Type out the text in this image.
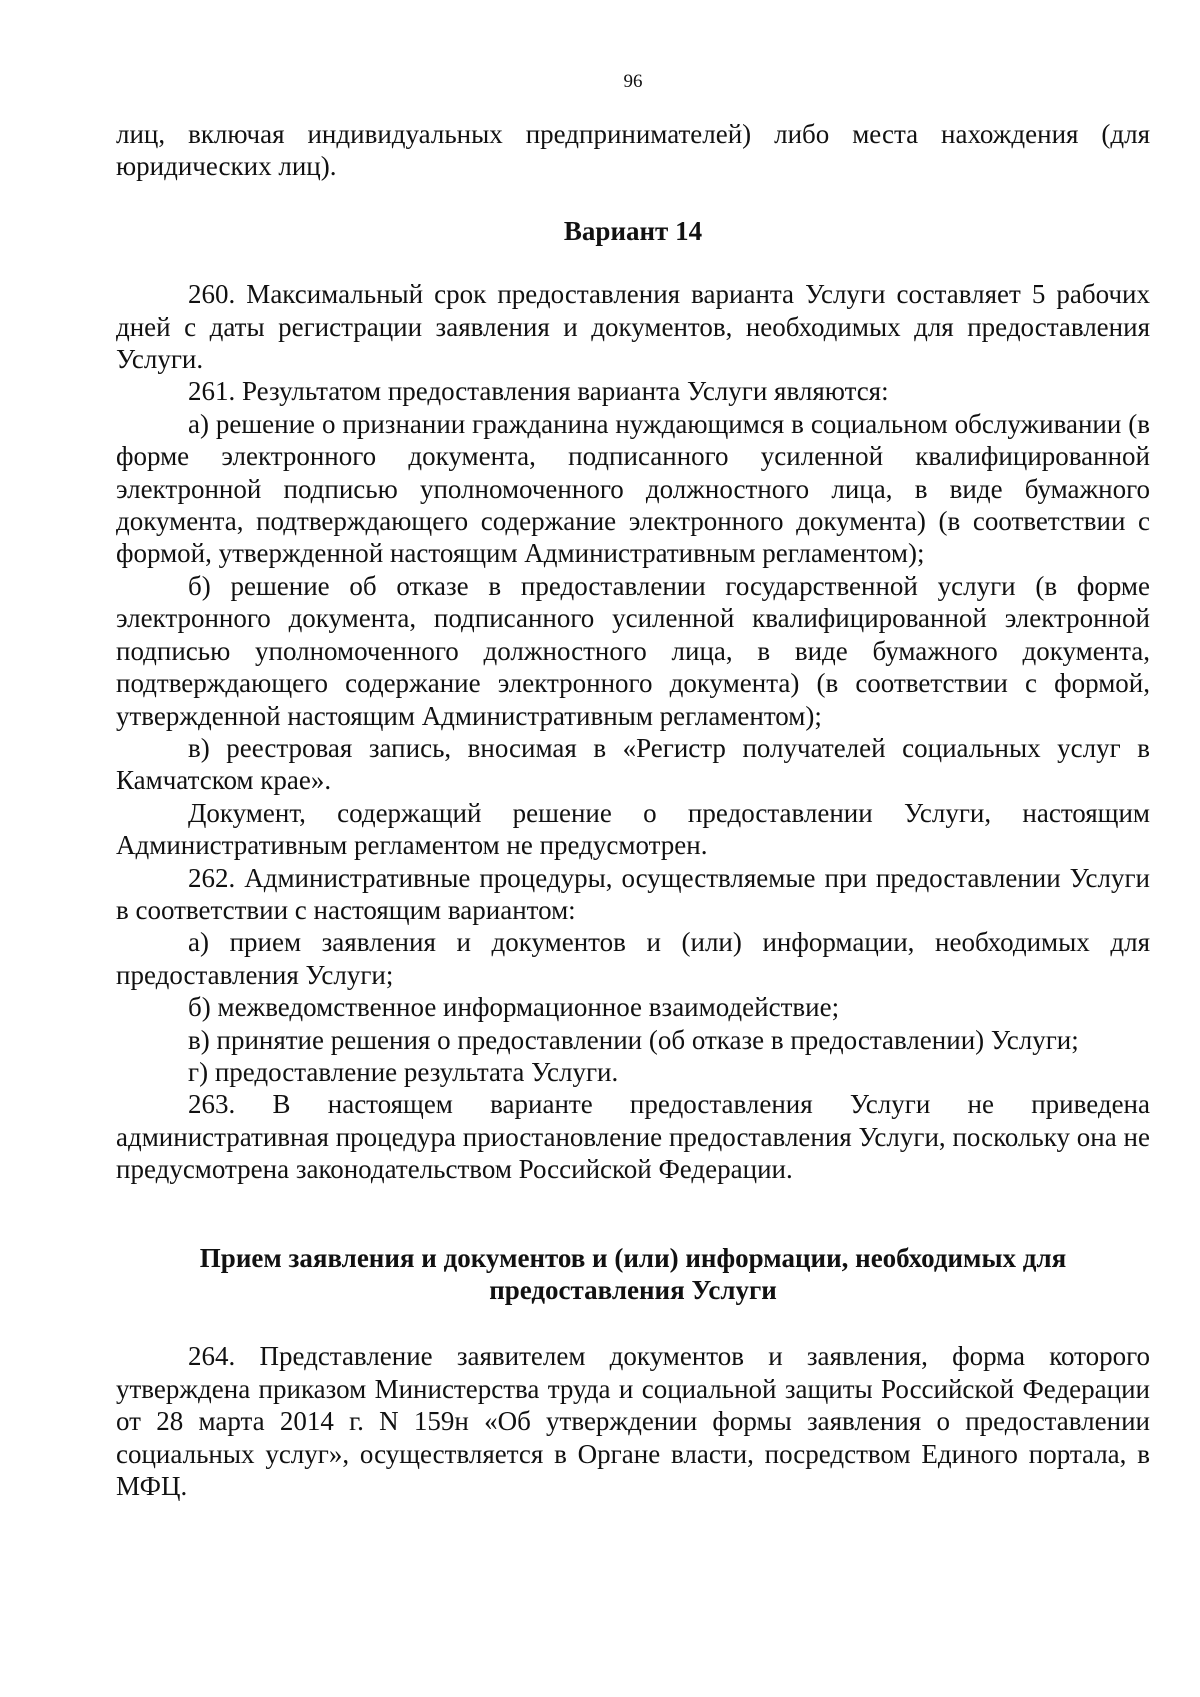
96

лиц, включая индивидуальных предпринимателей) либо места нахождения (для юридических лиц).

Вариант 14

260. Максимальный срок предоставления варианта Услуги составляет 5 рабочих дней с даты регистрации заявления и документов, необходимых для предоставления Услуги.

261. Результатом предоставления варианта Услуги являются:

а) решение о признании гражданина нуждающимся в социальном обслуживании (в форме электронного документа, подписанного усиленной квалифицированной электронной подписью уполномоченного должностного лица, в виде бумажного документа, подтверждающего содержание электронного документа) (в соответствии с формой, утвержденной настоящим Административным регламентом);

б) решение об отказе в предоставлении государственной услуги (в форме электронного документа, подписанного усиленной квалифицированной электронной подписью уполномоченного должностного лица, в виде бумажного документа, подтверждающего содержание электронного документа) (в соответствии с формой, утвержденной настоящим Административным регламентом);

в) реестровая запись, вносимая в «Регистр получателей социальных услуг в Камчатском крае».

Документ, содержащий решение о предоставлении Услуги, настоящим Административным регламентом не предусмотрен.

262. Административные процедуры, осуществляемые при предоставлении Услуги в соответствии с настоящим вариантом:

а) прием заявления и документов и (или) информации, необходимых для предоставления Услуги;

б) межведомственное информационное взаимодействие;

в) принятие решения о предоставлении (об отказе в предоставлении) Услуги;

г) предоставление результата Услуги.

263. В настоящем варианте предоставления Услуги не приведена административная процедура приостановление предоставления Услуги, поскольку она не предусмотрена законодательством Российской Федерации.

Прием заявления и документов и (или) информации, необходимых для предоставления Услуги

264. Представление заявителем документов и заявления, форма которого утверждена приказом Министерства труда и социальной защиты Российской Федерации от 28 марта 2014 г. N 159н «Об утверждении формы заявления о предоставлении социальных услуг», осуществляется в Органе власти, посредством Единого портала, в МФЦ.
